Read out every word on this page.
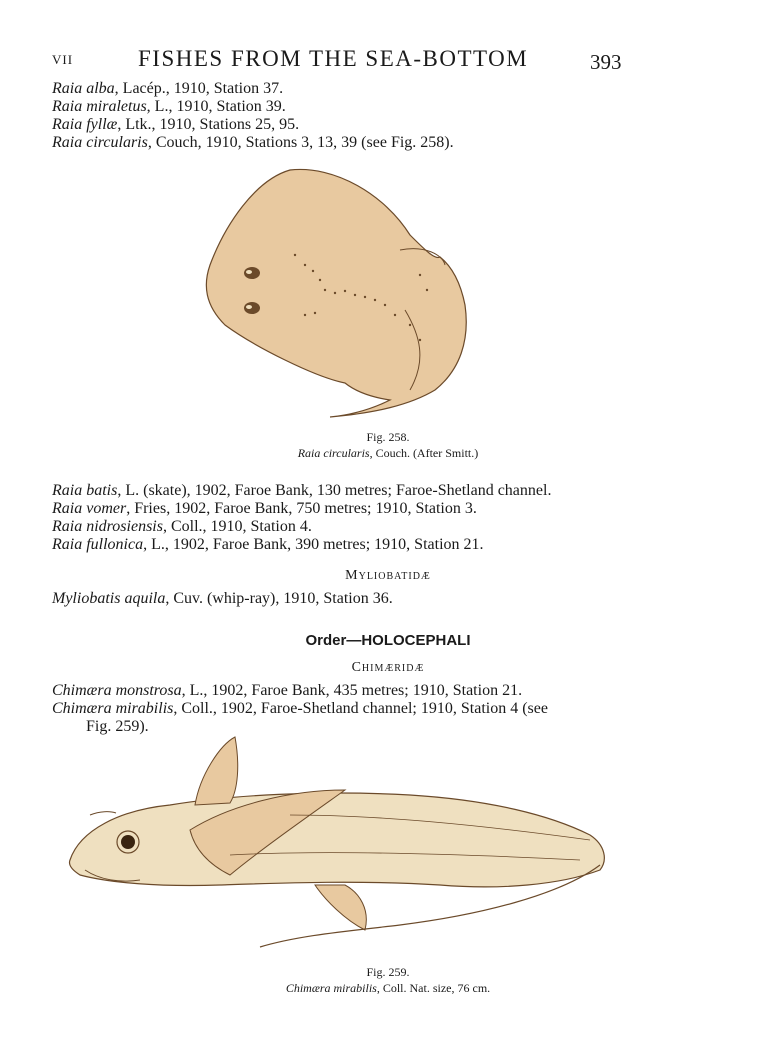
VII	FISHES FROM THE SEA-BOTTOM	393
Raia alba, Lacép., 1910, Station 37.
Raia miraletus, L., 1910, Station 39.
Raia fyllæ, Ltk., 1910, Stations 25, 95.
Raia circularis, Couch, 1910, Stations 3, 13, 39 (see Fig. 258).
Fig. 258.
Raia circularis, Couch. (After Smitt.)
Raia batis, L. (skate), 1902, Faroe Bank, 130 metres; Faroe-Shetland channel.
Raia vomer, Fries, 1902, Faroe Bank, 750 metres; 1910, Station 3.
Raia nidrosiensis, Coll., 1910, Station 4.
Raia fullonica, L., 1902, Faroe Bank, 390 metres; 1910, Station 21.
Myliobatidæ
Myliobatis aquila, Cuv. (whip-ray), 1910, Station 36.
Order—HOLOCEPHALI
Chimæridæ
Chimæra monstrosa, L., 1902, Faroe Bank, 435 metres; 1910, Station 21.
Chimæra mirabilis, Coll., 1902, Faroe-Shetland channel; 1910, Station 4 (see
Fig. 259).
Fig. 259.
Chimæra mirabilis, Coll. Nat. size, 76 cm.
